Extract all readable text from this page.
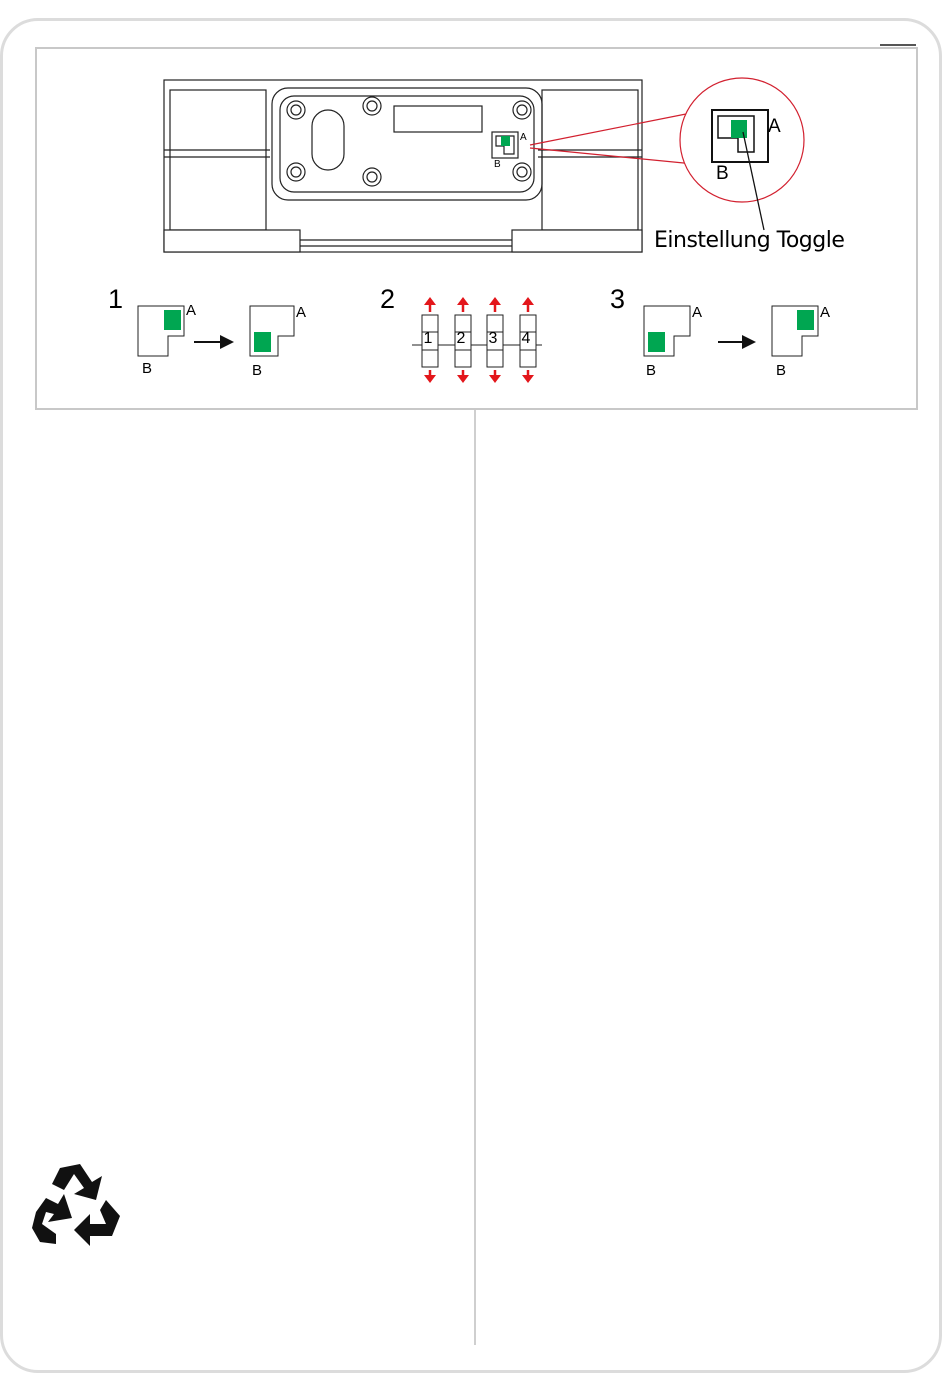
Einstellung Toggle
A
B
A
B
1	A
B
A
B
2
1 2 3 4
3	A
B
A
B
